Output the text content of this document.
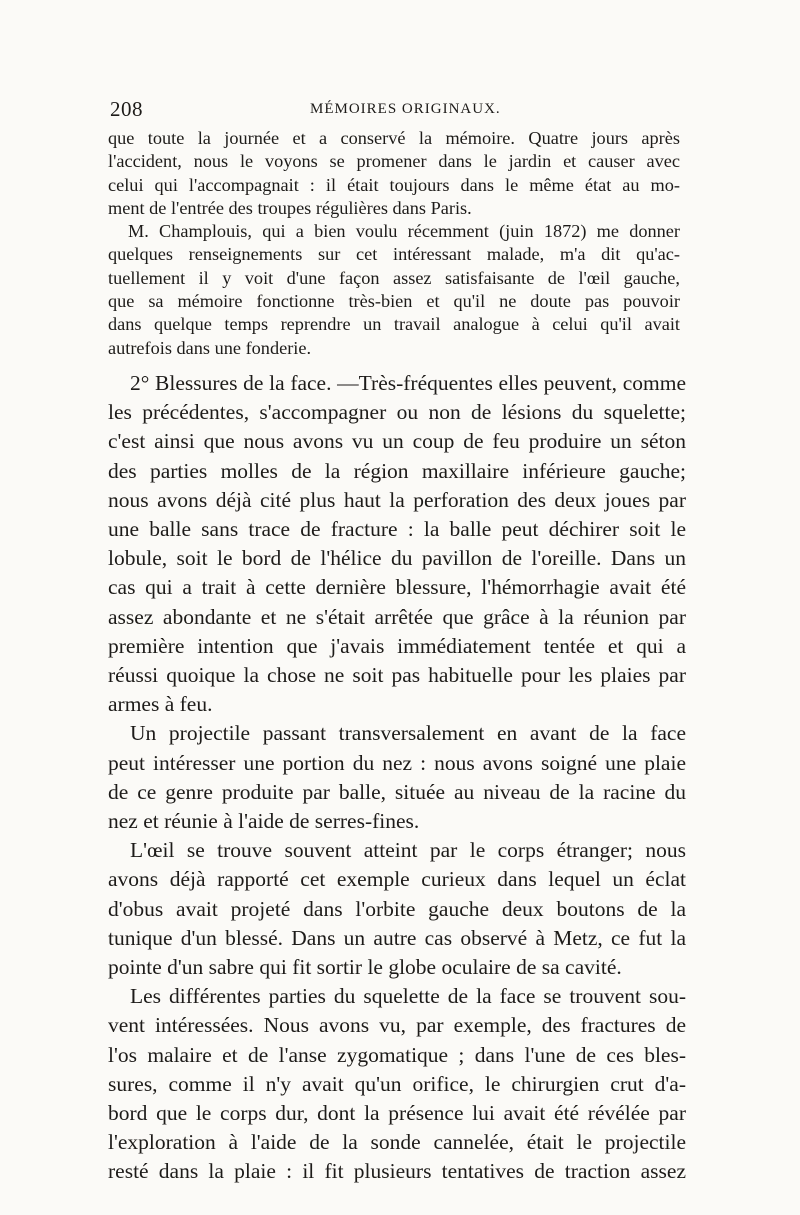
208	MÉMOIRES ORIGINAUX.
que toute la journée et a conservé la mémoire. Quatre jours après
l'accident, nous le voyons se promener dans le jardin et causer avec
celui qui l'accompagnait : il était toujours dans le même état au mo-
ment de l'entrée des troupes régulières dans Paris.
M. Champlouis, qui a bien voulu récemment (juin 1872) me donner
quelques renseignements sur cet intéressant malade, m'a dit qu'ac-
tuellement il y voit d'une façon assez satisfaisante de l'œil gauche,
que sa mémoire fonctionne très-bien et qu'il ne doute pas pouvoir
dans quelque temps reprendre un travail analogue à celui qu'il avait
autrefois dans une fonderie.
2° Blessures de la face. —Très-fréquentes elles peuvent, comme
les précédentes, s'accompagner ou non de lésions du squelette;
c'est ainsi que nous avons vu un coup de feu produire un séton
des parties molles de la région maxillaire inférieure gauche;
nous avons déjà cité plus haut la perforation des deux joues par
une balle sans trace de fracture : la balle peut déchirer soit le
lobule, soit le bord de l'hélice du pavillon de l'oreille. Dans un
cas qui a trait à cette dernière blessure, l'hémorrhagie avait été
assez abondante et ne s'était arrêtée que grâce à la réunion par
première intention que j'avais immédiatement tentée et qui a
réussi quoique la chose ne soit pas habituelle pour les plaies par
armes à feu.
Un projectile passant transversalement en avant de la face
peut intéresser une portion du nez : nous avons soigné une plaie
de ce genre produite par balle, située au niveau de la racine du
nez et réunie à l'aide de serres-fines.
L'œil se trouve souvent atteint par le corps étranger; nous
avons déjà rapporté cet exemple curieux dans lequel un éclat
d'obus avait projeté dans l'orbite gauche deux boutons de la
tunique d'un blessé. Dans un autre cas observé à Metz, ce fut la
pointe d'un sabre qui fit sortir le globe oculaire de sa cavité.
Les différentes parties du squelette de la face se trouvent sou-
vent intéressées. Nous avons vu, par exemple, des fractures de
l'os malaire et de l'anse zygomatique ; dans l'une de ces bles-
sures, comme il n'y avait qu'un orifice, le chirurgien crut d'a-
bord que le corps dur, dont la présence lui avait été révélée par
l'exploration à l'aide de la sonde cannelée, était le projectile
resté dans la plaie : il fit plusieurs tentatives de traction assez
